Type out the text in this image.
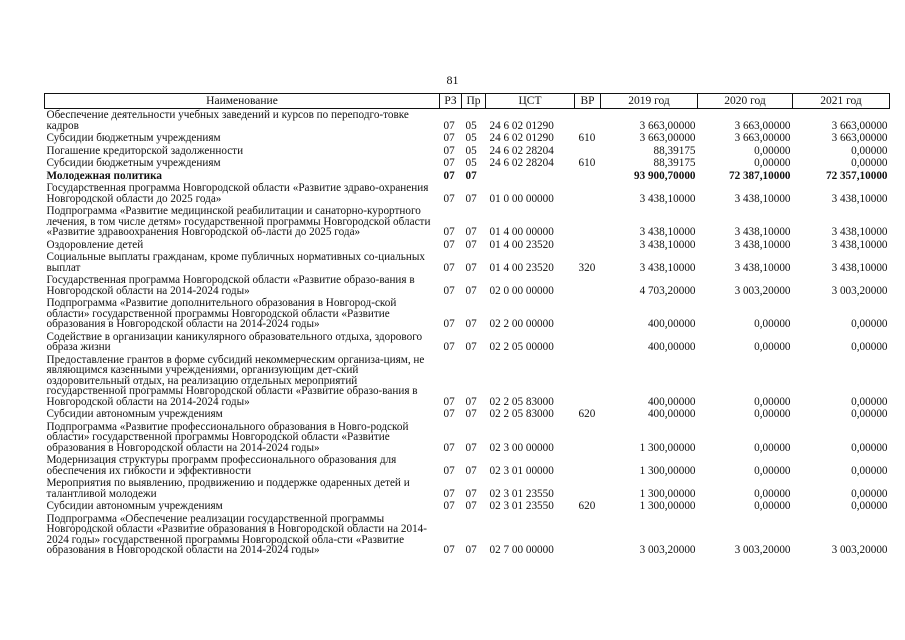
81
Наименование	РЗ	Пр	ЦСТ	ВР	2019 год	2020 год	2021 год
Обеспечение деятельности учебных заведений и курсов по переподго-товке кадров	07	05	24 6 02 01290		3 663,00000	3 663,00000	3 663,00000
Субсидии бюджетным учреждениям	07	05	24 6 02 01290	610	3 663,00000	3 663,00000	3 663,00000
Погашение кредиторской задолженности	07	05	24 6 02 28204		88,39175	0,00000	0,00000
Субсидии бюджетным учреждениям	07	05	24 6 02 28204	610	88,39175	0,00000	0,00000
Молодежная политика	07	07			93 900,70000	72 387,10000	72 357,10000
Государственная программа Новгородской области «Развитие здраво-охранения Новгородской области до 2025 года»	07	07	01 0 00 00000		3 438,10000	3 438,10000	3 438,10000
Подпрограмма «Развитие медицинской реабилитации и санаторно-курортного лечения, в том числе детям» государственной программы Новгородской области «Развитие здравоохранения Новгородской об-ласти до 2025 года»	07	07	01 4 00 00000		3 438,10000	3 438,10000	3 438,10000
Оздоровление детей	07	07	01 4 00 23520		3 438,10000	3 438,10000	3 438,10000
Социальные выплаты гражданам, кроме публичных нормативных со-циальных выплат	07	07	01 4 00 23520	320	3 438,10000	3 438,10000	3 438,10000
Государственная программа Новгородской области «Развитие образо-вания в Новгородской области на 2014-2024 годы»	07	07	02 0 00 00000		4 703,20000	3 003,20000	3 003,20000
Подпрограмма «Развитие дополнительного образования в Новгород-ской области» государственной программы Новгородской области «Развитие образования в Новгородской области на 2014-2024 годы»	07	07	02 2 00 00000		400,00000	0,00000	0,00000
Содействие в организации каникулярного образовательного отдыха, здорового образа жизни	07	07	02 2 05 00000		400,00000	0,00000	0,00000
Предоставление грантов в форме субсидий некоммерческим организа-циям, не являющимся казенными учреждениями, организующим дет-ский оздоровительный отдых, на реализацию отдельных мероприятий государственной программы Новгородской области «Развитие образо-вания в Новгородской области на 2014-2024 годы»	07	07	02 2 05 83000		400,00000	0,00000	0,00000
Субсидии автономным учреждениям	07	07	02 2 05 83000	620	400,00000	0,00000	0,00000
Подпрограмма «Развитие профессионального образования в Новго-родской области» государственной программы Новгородской области «Развитие образования в Новгородской области на 2014-2024 годы»	07	07	02 3 00 00000		1 300,00000	0,00000	0,00000
Модернизация структуры программ профессионального образования для обеспечения их гибкости и эффективности	07	07	02 3 01 00000		1 300,00000	0,00000	0,00000
Мероприятия по выявлению, продвижению и поддержке одаренных детей и талантливой молодежи	07	07	02 3 01 23550		1 300,00000	0,00000	0,00000
Субсидии автономным учреждениям	07	07	02 3 01 23550	620	1 300,00000	0,00000	0,00000
Подпрограмма «Обеспечение реализации государственной программы Новгородской области «Развитие образования в Новгородской области на 2014-2024 годы» государственной программы Новгородской обла-сти «Развитие образования в Новгородской области на 2014-2024 годы»	07	07	02 7 00 00000		3 003,20000	3 003,20000	3 003,20000
